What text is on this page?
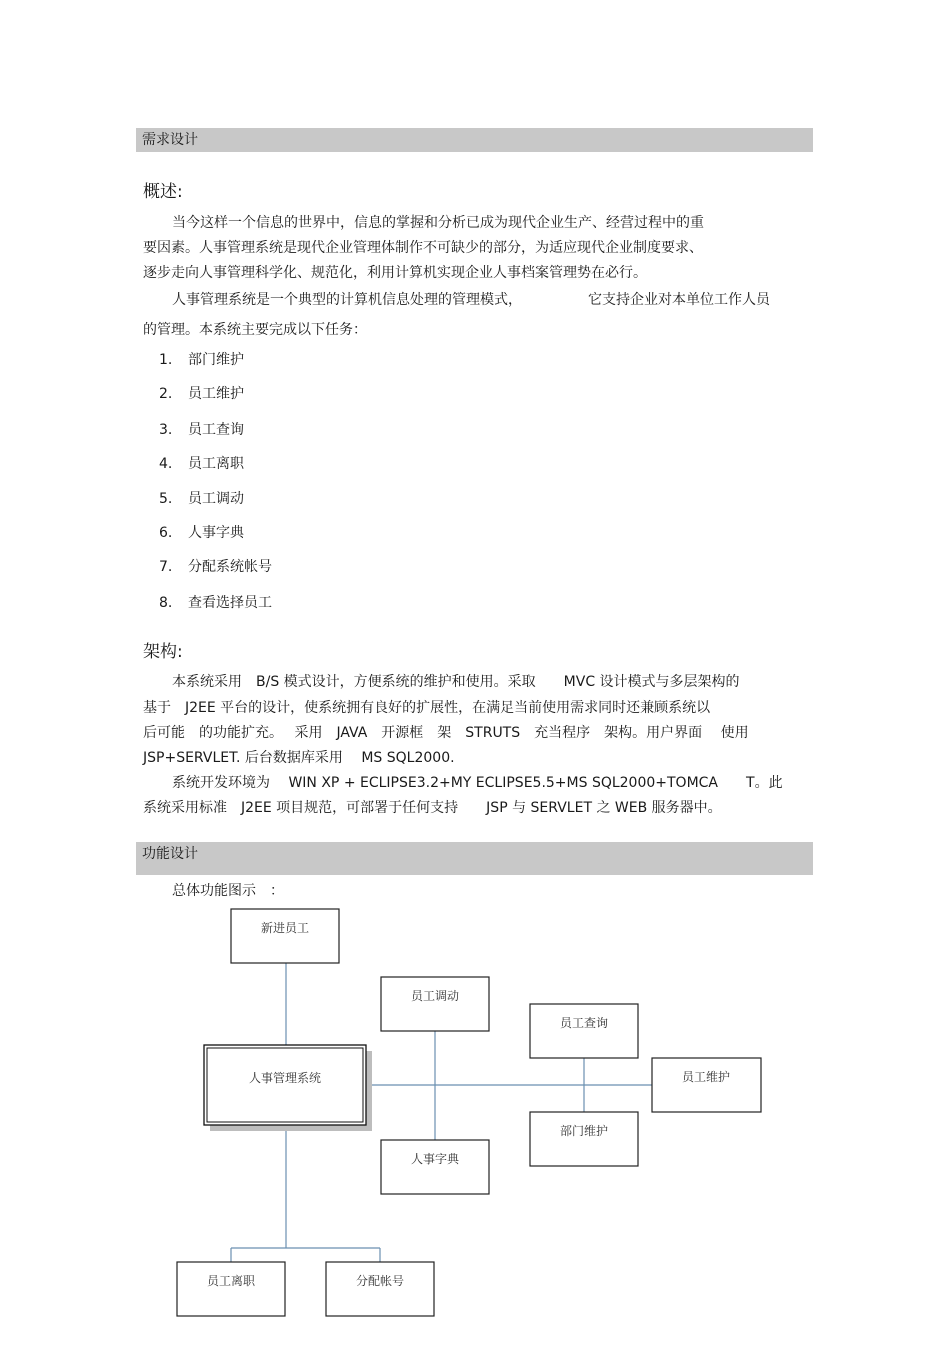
需求设计
概述:
当今这样一个信息的世界中，信息的掌握和分析已成为现代企业生产、经营过程中的重
要因素。人事管理系统是现代企业管理体制作不可缺少的部分，为适应现代企业制度要求、
逐步走向人事管理科学化、规范化，利用计算机实现企业人事档案管理势在必行。
人事管理系统是一个典型的计算机信息处理的管理模式，	它支持企业对本单位工作人员
的管理。本系统主要完成以下任务：
1. 部门维护
2. 员工维护
3. 员工查询
4. 员工离职
5. 员工调动
6. 人事字典
7. 分配系统帐号
8. 查看选择员工
架构:
本系统采用　B/S 模式设计，方便系统的维护和使用。采取　　MVC 设计模式与多层架构的
基于　J2EE 平台的设计，使系统拥有良好的扩展性，在满足当前使用需求同时还兼顾系统以
后可能　的功能扩充。　 采用　JAVA　开源框　架　STRUTS　充当程序　架构。用户界面　 使用
JSP+SERVLET. 后台数据库采用　 MS SQL2000.
系统开发环境为　 WIN XP + ECLIPSE3.2+MY ECLIPSE5.5+MS SQL2000+TOMCA　　T。此
系统采用标准　J2EE 项目规范，可部署于任何支持　　JSP 与 SERVLET 之 WEB 服务器中。
功能设计
总体功能图示　：
人事管理系统
新进员工
员工调动
员工查询
员工维护
部门维护
人事字典
员工离职	分配帐号
